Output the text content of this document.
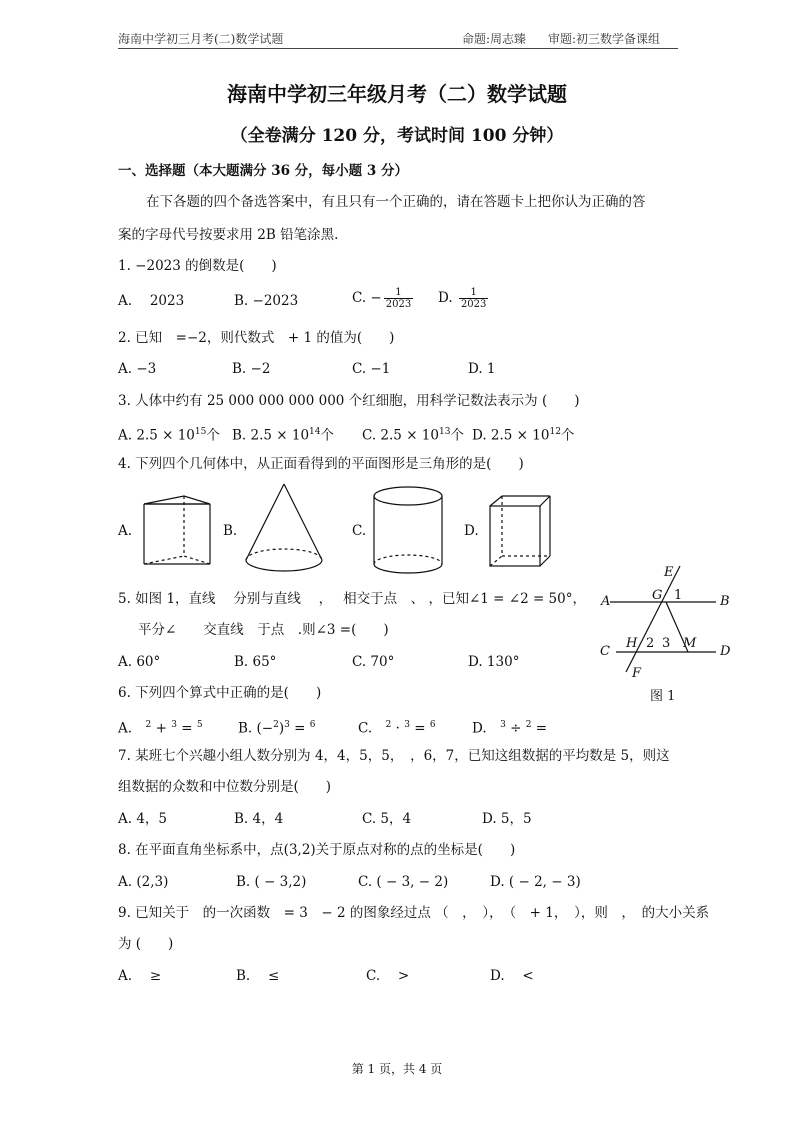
海南中学初三月考(二)数学试题	命题:周志臻 审题:初三数学备课组
海南中学初三年级月考（二）数学试题
（全卷满分 120 分，考试时间 100 分钟）
一、选择题（本大题满分 36 分，每小题 3 分）
在下各题的四个备选答案中，有且只有一个正确的，请在答题卡上把你认为正确的答
案的字母代号按要求用 2B 铅笔涂黑.
1. −2023 的倒数是(　　)
A.　 2023	B. −2023	C. − $\frac{1}{2023} D$. $\frac{1}{2023}$
2. 已知　=−2，则代数式　+ 1 的值为(　　)
A. −3	B. −2	C. −1	D. 1
3. 人体中约有 25 000 000 000 000 个红细胞，用科学记数法表示为 (　　)
A. $2.5 \times 10^{15}$个 B. $2.5 \times 10^{14}$个 C. $2.5 \times 10^{13}$个 D. $2.5 \times 10^{12}$个
4. 下列四个几何体中，从正面看得到的平面图形是三角形的是(　　)
A.	B.	C.	D.
5. 如图 1，直线　 分别与直线　 ，　 相交于点　、 ，已知∠1 = ∠2 = 50°，
平分∠　　交直线　于点　.则∠3 =(　　)
A. 60°	B. 65°	C. 70°	D. 130°
E
A	G 1	B
H 2 3 M
C	D
F
图 1
6. 下列四个算式中正确的是(　　)
A.　$^2$ + $^3$ = $^5$	B. $(-^2)^3 = ^6$	C.　$^2$ · $^3$ = $^6$	D.　$^3$ ÷ $^2$ =
7. 某班七个兴趣小组人数分别为 4，4，5，5，　，6，7，已知这组数据的平均数是 5，则这
组数据的众数和中位数分别是(　　)
A. 4，5	B. 4，4	C. 5，4	D. 5，5
8. 在平面直角坐标系中，点(3,2)关于原点对称的点的坐标是(　　)
A. (2,3)	B. ( − 3,2)	C. ( − 3, − 2)	D. ( − 2, − 3)
9. 已知关于　的一次函数　= 3　− 2 的图象经过点 （　，　），　（　+ 1，　），则　，　的大小关系
为 (　　)
A.　 ≥	B.　 ≤	C.　 >	D.　 <
第 1 页，共 4 页
